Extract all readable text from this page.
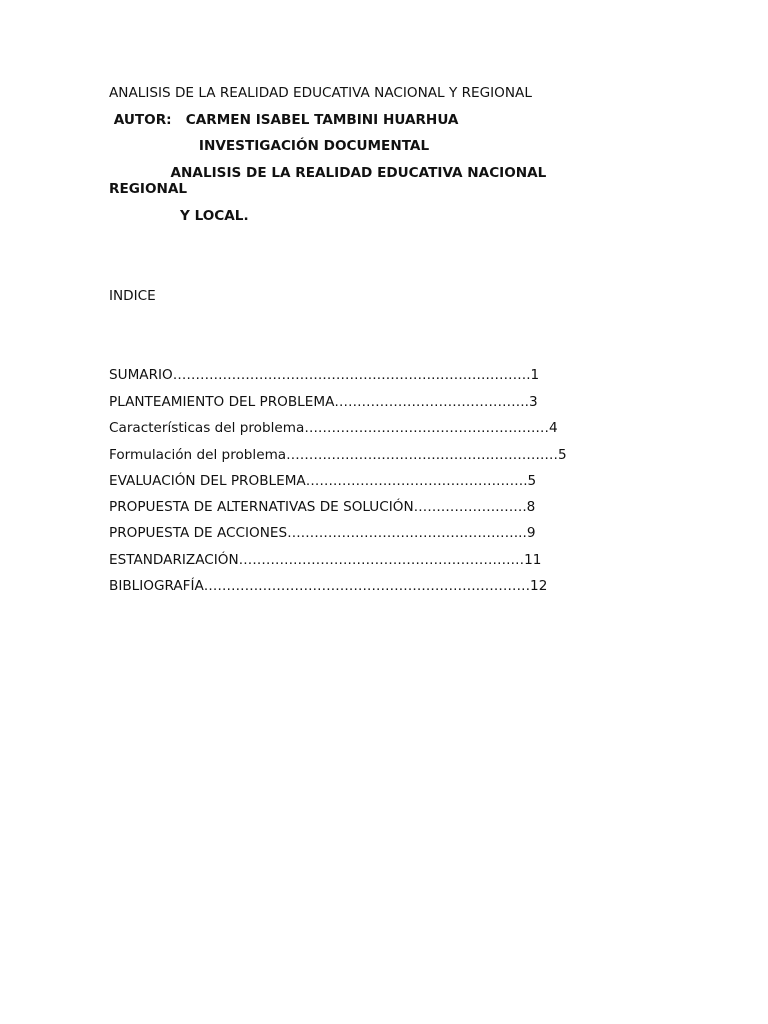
ANALISIS DE LA REALIDAD EDUCATIVA NACIONAL Y REGIONAL

AUTOR:   CARMEN ISABEL TAMBINI HUARHUA

INVESTIGACIÓN DOCUMENTAL

ANALISIS DE LA REALIDAD EDUCATIVA NACIONAL

REGIONAL

Y LOCAL.

INDICE

SUMARIO…………………………………………………………………….1
PLANTEAMIENTO DEL PROBLEMA…………………………………….3
Características del problema………………………………………………4
Formulación del problema……………………………………………………5
EVALUACIÓN DEL PROBLEMA………………………………………….5
PROPUESTA DE ALTERNATIVAS DE SOLUCIÓN…………………….8
PROPUESTA DE ACCIONES……………………………………………..9
ESTANDARIZACIÓN………………………………………………………11
BIBLIOGRAFÍA………………………………………………………………12
